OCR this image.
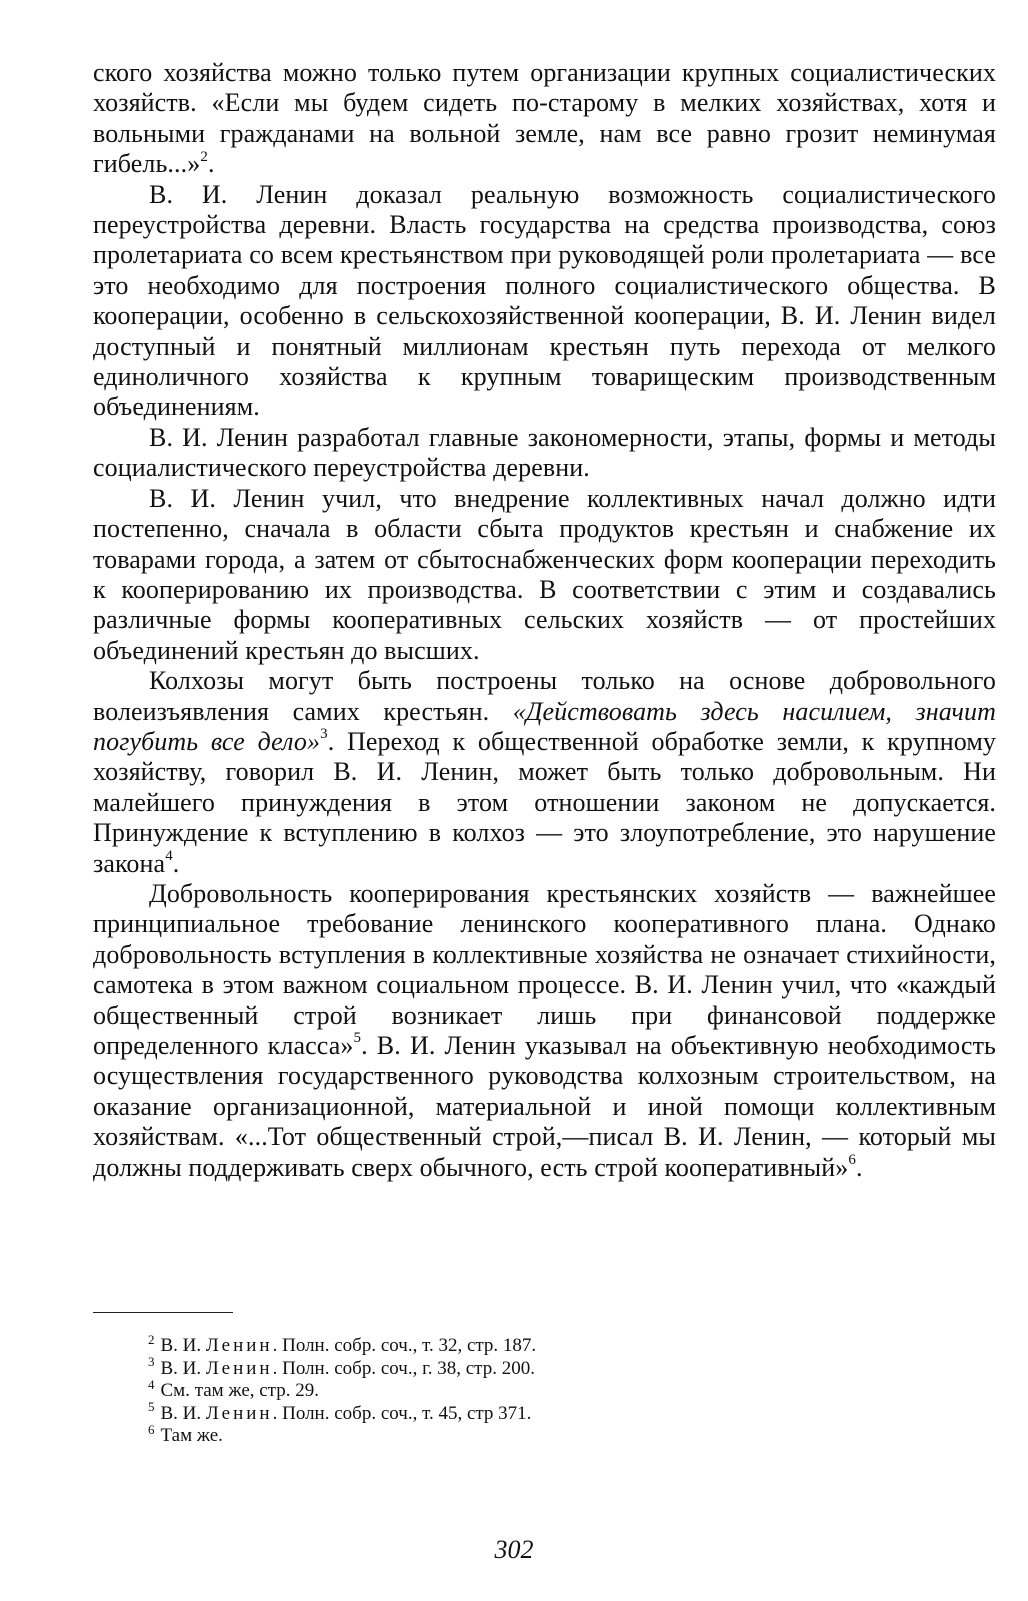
ского хозяйства можно только путем организации крупных социалистических хозяйств. «Если мы будем сидеть по-старому в мелких хозяйствах, хотя и вольными гражданами на вольной земле, нам все равно грозит неминумая гибель...»$^2$.

В. И. Ленин доказал реальную возможность социалистического переустройства деревни. Власть государства на средства производства, союз пролетариата со всем крестьянством при руководящей роли пролетариата — все это необходимо для построения полного социалистического общества. В кооперации, особенно в сельскохозяйственной кооперации, В. И. Ленин видел доступный и понятный миллионам крестьян путь перехода от мелкого единоличного хозяйства к крупным товарищеским производственным объединениям.

В. И. Ленин разработал главные закономерности, этапы, формы и методы социалистического переустройства деревни.

В. И. Ленин учил, что внедрение коллективных начал должно идти постепенно, сначала в области сбыта продуктов крестьян и снабжение их товарами города, а затем от сбытоснабженческих форм кооперации переходить к кооперированию их производства. В соответствии с этим и создавались различные формы кооперативных сельских хозяйств — от простейших объединений крестьян до высших.

Колхозы могут быть построены только на основе добровольного волеизъявления самих крестьян. «Действовать здесь насилием, значит погубить все дело»$^3$. Переход к общественной обработке земли, к крупному хозяйству, говорил В. И. Ленин, может быть только добровольным. Ни малейшего принуждения в этом отношении законом не допускается. Принуждение к вступлению в колхоз — это злоупотребление, это нарушение закона$^4$.

Добровольность кооперирования крестьянских хозяйств — важнейшее принципиальное требование ленинского кооперативного плана. Однако добровольность вступления в коллективные хозяйства не означает стихийности, самотека в этом важном социальном процессе. В. И. Ленин учил, что «каждый общественный строй возникает лишь при финансовой поддержке определенного класса»$^5$. В. И. Ленин указывал на объективную необходимость осуществления государственного руководства колхозным строительством, на оказание организационной, материальной и иной помощи коллективным хозяйствам. «...Тот общественный строй,—писал В. И. Ленин, — который мы должны поддерживать сверх обычного, есть строй кооперативный»$^6$.

$^2$ В. И. Ленин. Полн. собр. соч., т. 32, стр. 187.
$^3$ В. И. Ленин. Полн. собр. соч., г. 38, стр. 200.
$^4$ См. там же, стр. 29.
$^5$ В. И. Ленин. Полн. собр. соч., т. 45, стр 371.
$^6$ Там же.
302
